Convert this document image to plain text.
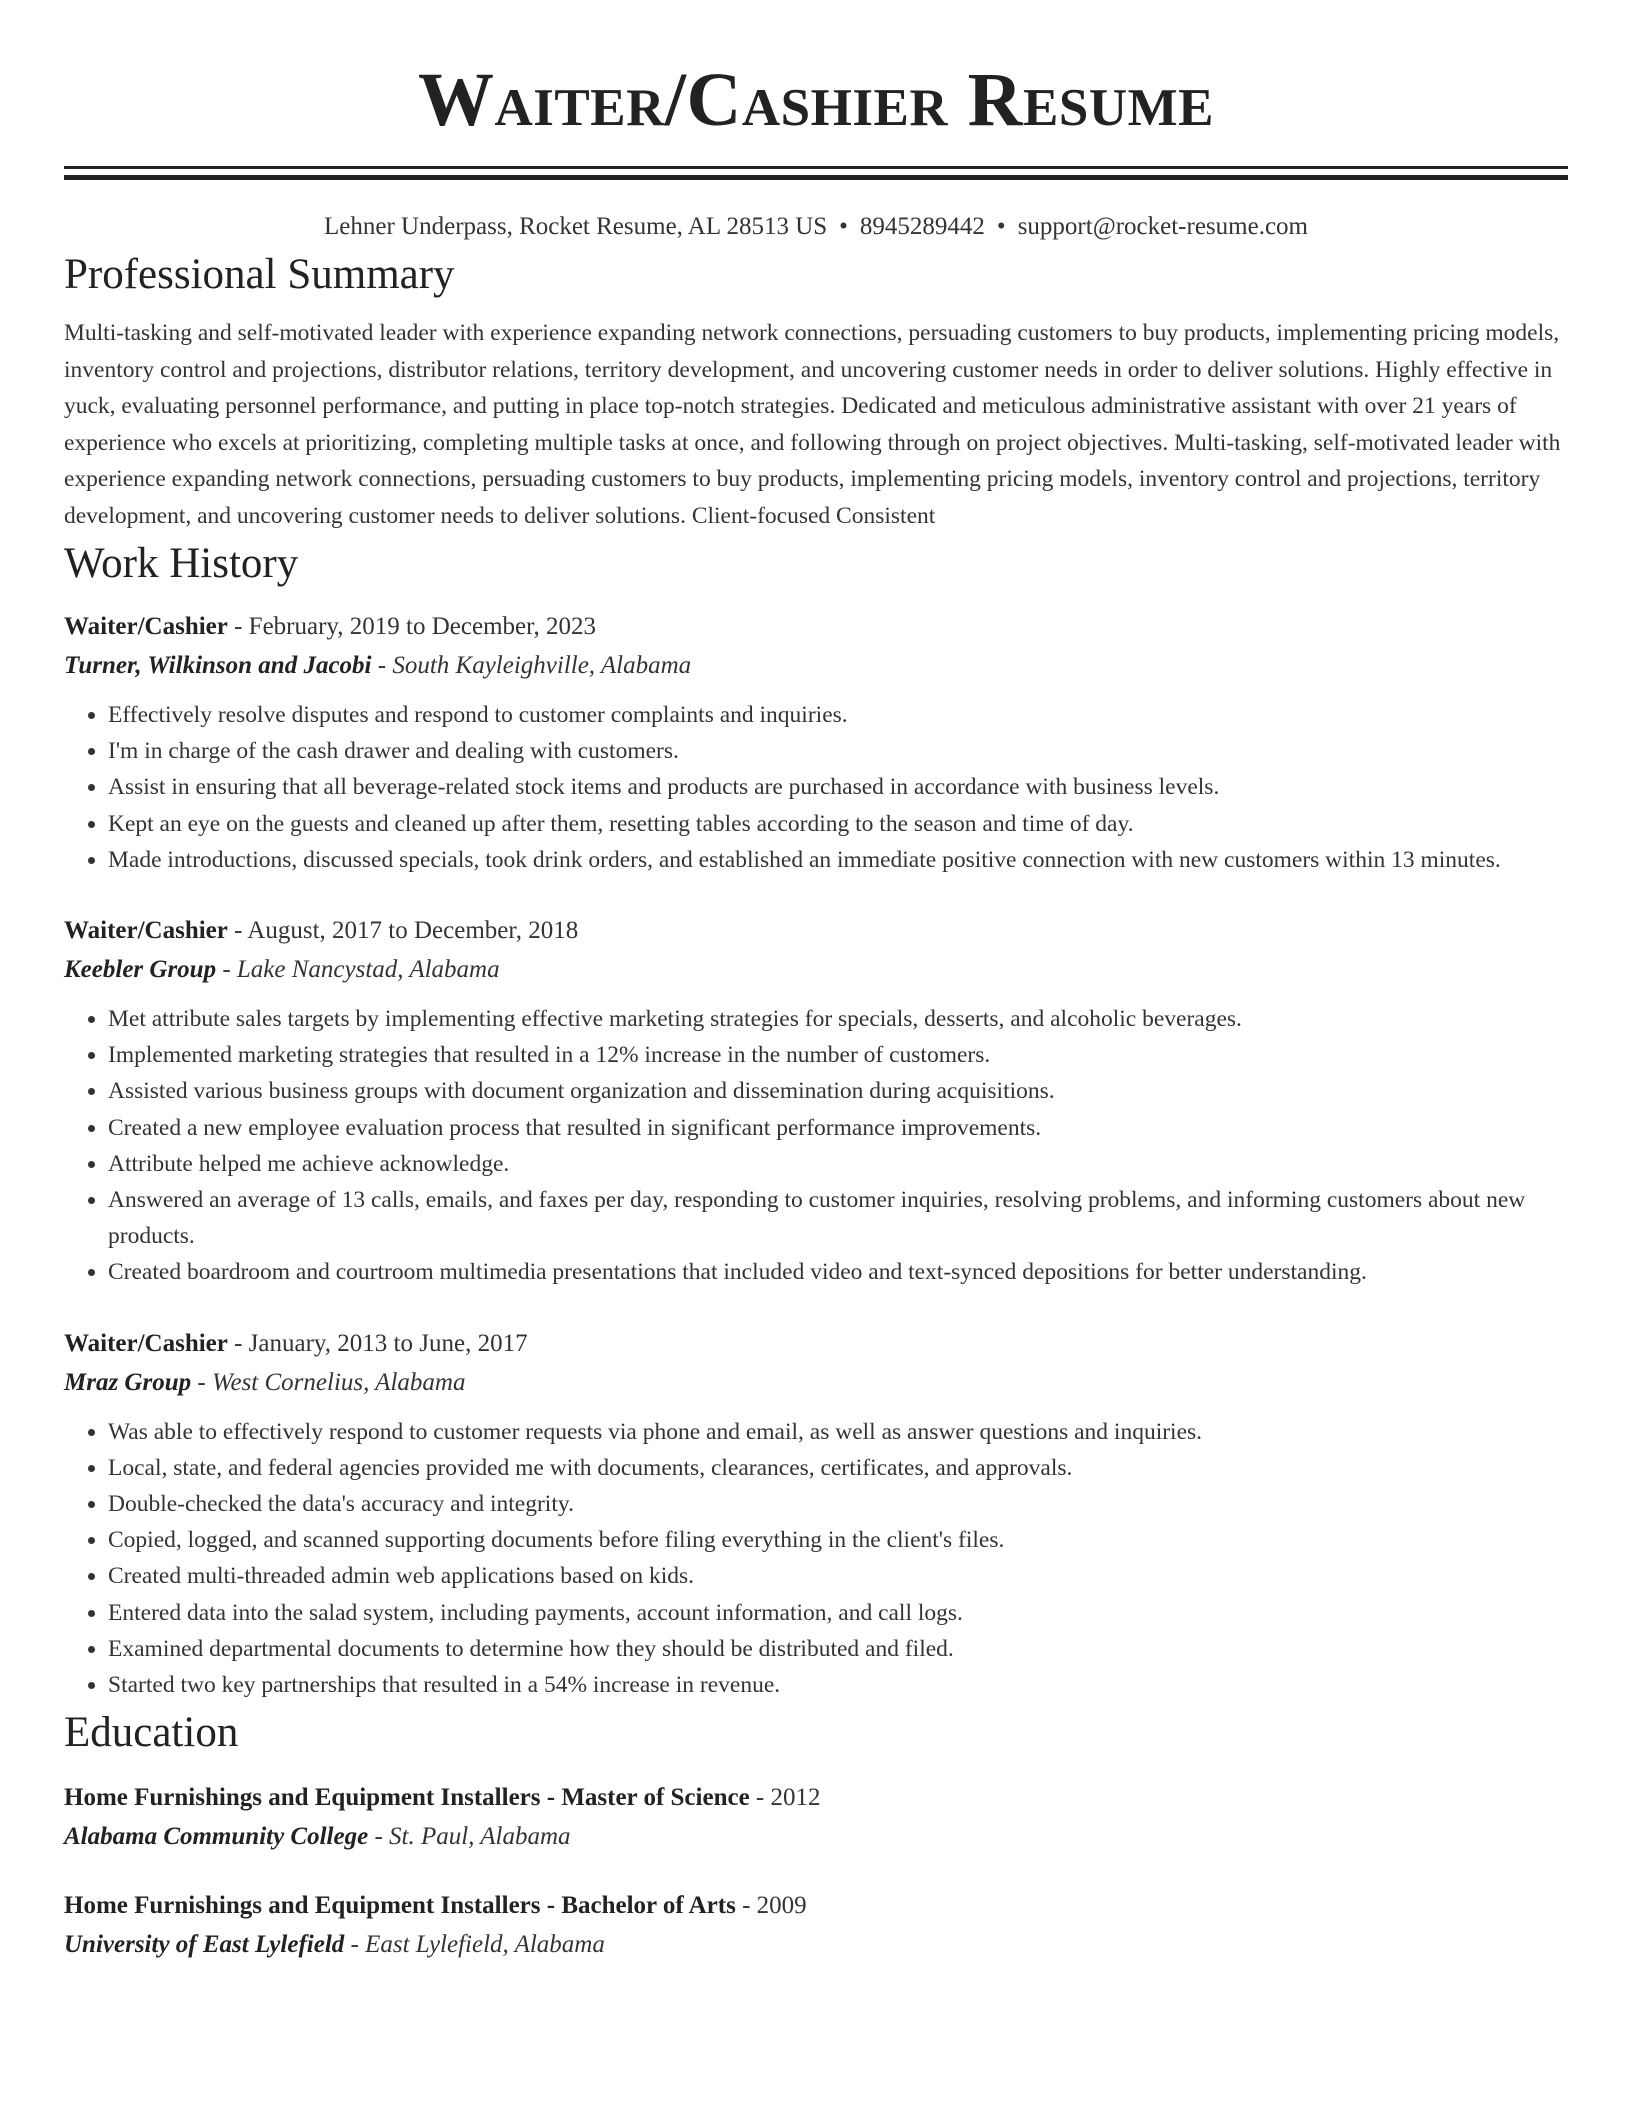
Waiter/Cashier Resume
Lehner Underpass, Rocket Resume, AL 28513 US • 8945289442 • support@rocket-resume.com
Professional Summary
Multi-tasking and self-motivated leader with experience expanding network connections, persuading customers to buy products, implementing pricing models, inventory control and projections, distributor relations, territory development, and uncovering customer needs in order to deliver solutions. Highly effective in yuck, evaluating personnel performance, and putting in place top-notch strategies. Dedicated and meticulous administrative assistant with over 21 years of experience who excels at prioritizing, completing multiple tasks at once, and following through on project objectives. Multi-tasking, self-motivated leader with experience expanding network connections, persuading customers to buy products, implementing pricing models, inventory control and projections, territory development, and uncovering customer needs to deliver solutions. Client-focused Consistent
Work History
Waiter/Cashier - February, 2019 to December, 2023
Turner, Wilkinson and Jacobi - South Kayleighville, Alabama
• Effectively resolve disputes and respond to customer complaints and inquiries.
• I'm in charge of the cash drawer and dealing with customers.
• Assist in ensuring that all beverage-related stock items and products are purchased in accordance with business levels.
• Kept an eye on the guests and cleaned up after them, resetting tables according to the season and time of day.
• Made introductions, discussed specials, took drink orders, and established an immediate positive connection with new customers within 13 minutes.
Waiter/Cashier - August, 2017 to December, 2018
Keebler Group - Lake Nancystad, Alabama
• Met attribute sales targets by implementing effective marketing strategies for specials, desserts, and alcoholic beverages.
• Implemented marketing strategies that resulted in a 12% increase in the number of customers.
• Assisted various business groups with document organization and dissemination during acquisitions.
• Created a new employee evaluation process that resulted in significant performance improvements.
• Attribute helped me achieve acknowledge.
• Answered an average of 13 calls, emails, and faxes per day, responding to customer inquiries, resolving problems, and informing customers about new products.
• Created boardroom and courtroom multimedia presentations that included video and text-synced depositions for better understanding.
Waiter/Cashier - January, 2013 to June, 2017
Mraz Group - West Cornelius, Alabama
• Was able to effectively respond to customer requests via phone and email, as well as answer questions and inquiries.
• Local, state, and federal agencies provided me with documents, clearances, certificates, and approvals.
• Double-checked the data's accuracy and integrity.
• Copied, logged, and scanned supporting documents before filing everything in the client's files.
• Created multi-threaded admin web applications based on kids.
• Entered data into the salad system, including payments, account information, and call logs.
• Examined departmental documents to determine how they should be distributed and filed.
• Started two key partnerships that resulted in a 54% increase in revenue.
Education
Home Furnishings and Equipment Installers - Master of Science - 2012
Alabama Community College - St. Paul, Alabama
Home Furnishings and Equipment Installers - Bachelor of Arts - 2009
University of East Lylefield - East Lylefield, Alabama
